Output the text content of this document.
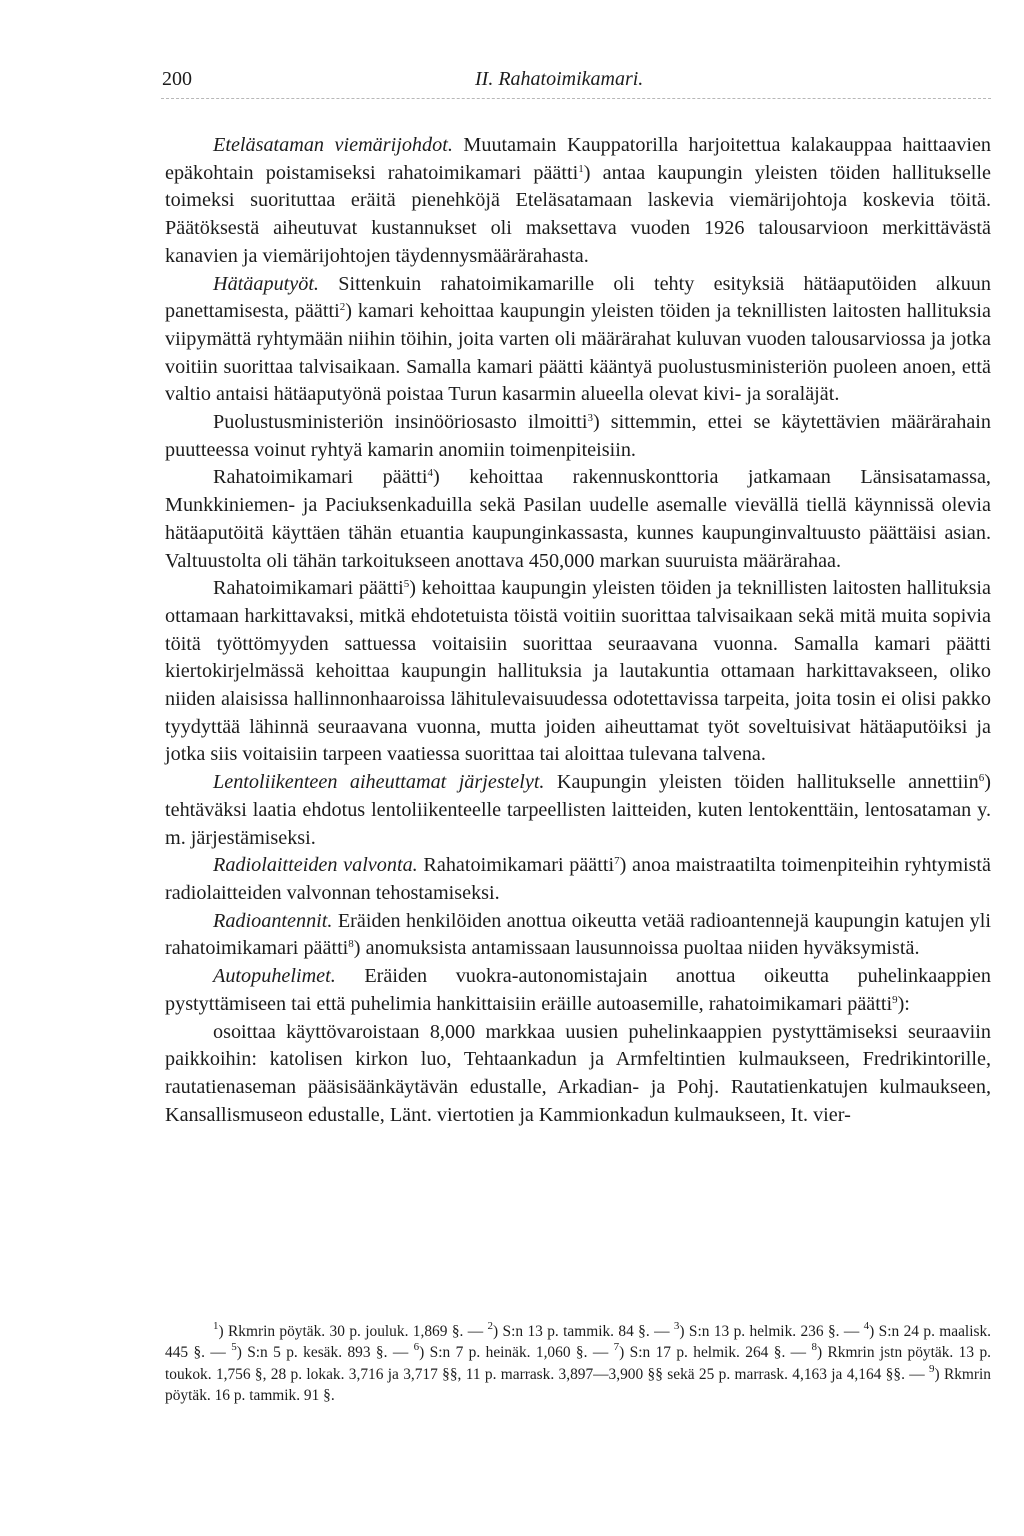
200	II. Rahatoimikamari.

Eteläsataman viemärijohdot. Muutamain Kauppatorilla harjoitettua kalakauppaa haittaavien epäkohtain poistamiseksi rahatoimikamari päätti$^1$) antaa kaupungin yleisten töiden hallitukselle toimeksi suorituttaa eräitä pienehköjä Eteläsatamaan laskevia viemärijohtoja koskevia töitä. Päätöksestä aiheutuvat kustannukset oli maksettava vuoden 1926 talousarvioon merkittävästä kanavien ja viemärijohtojen täydennysmäärärahasta.

Hätäaputyöt. Sittenkuin rahatoimikamarille oli tehty esityksiä hätäaputöiden alkuun panettamisesta, päätti$^2$) kamari kehoittaa kaupungin yleisten töiden ja teknillisten laitosten hallituksia viipymättä ryhtymään niihin töihin, joita varten oli määrärahat kuluvan vuoden talousarviossa ja jotka voitiin suorittaa talvisaikaan. Samalla kamari päätti kääntyä puolustusministeriön puoleen anoen, että valtio antaisi hätäaputyönä poistaa Turun kasarmin alueella olevat kivi- ja soraläjät.

Puolustusministeriön insinööriosasto ilmoitti$^3$) sittemmin, ettei se käytettävien määrärahain puutteessa voinut ryhtyä kamarin anomiin toimenpiteisiin.

Rahatoimikamari päätti$^4$) kehoittaa rakennuskonttoria jatkamaan Länsisatamassa, Munkkiniemen- ja Paciuksenkaduilla sekä Pasilan uudelle asemalle vievällä tiellä käynnissä olevia hätäaputöitä käyttäen tähän etuantia kaupunginkassasta, kunnes kaupunginvaltuusto päättäisi asian. Valtuustolta oli tähän tarkoitukseen anottava 450,000 markan suuruista määrärahaa.

Rahatoimikamari päätti$^5$) kehoittaa kaupungin yleisten töiden ja teknillisten laitosten hallituksia ottamaan harkittavaksi, mitkä ehdotetuista töistä voitiin suorittaa talvisaikaan sekä mitä muita sopivia töitä työttömyyden sattuessa voitaisiin suorittaa seuraavana vuonna. Samalla kamari päätti kiertokirjelmässä kehoittaa kaupungin hallituksia ja lautakuntia ottamaan harkittavakseen, oliko niiden alaisissa hallinnonhaaroissa lähitulevaisuudessa odotettavissa tarpeita, joita tosin ei olisi pakko tyydyttää lähinnä seuraavana vuonna, mutta joiden aiheuttamat työt soveltuisivat hätäaputöiksi ja jotka siis voitaisiin tarpeen vaatiessa suorittaa tai aloittaa tulevana talvena.

Lentoliikenteen aiheuttamat järjestelyt. Kaupungin yleisten töiden hallitukselle annettiin$^6$) tehtäväksi laatia ehdotus lentoliikenteelle tarpeellisten laitteiden, kuten lentokenttäin, lentosataman y. m. järjestämiseksi.

Radiolaitteiden valvonta. Rahatoimikamari päätti$^7$) anoa maistraatilta toimenpiteihin ryhtymistä radiolaitteiden valvonnan tehostamiseksi.

Radioantennit. Eräiden henkilöiden anottua oikeutta vetää radioantennejä kaupungin katujen yli rahatoimikamari päätti$^8$) anomuksista antamissaan lausunnoissa puoltaa niiden hyväksymistä.

Autopuhelimet. Eräiden vuokra-autonomistajain anottua oikeutta puhelinkaappien pystyttämiseen tai että puhelimia hankittaisiin eräille autoasemille, rahatoimikamari päätti$^9$):

osoittaa käyttövaroistaan 8,000 markkaa uusien puhelinkaappien pystyttämiseksi seuraaviin paikkoihin: katolisen kirkon luo, Tehtaankadun ja Armfeltintien kulmaukseen, Fredrikintorille, rautatienaseman pääsisäänkäytävän edustalle, Arkadian- ja Pohj. Rautatienkatujen kulmaukseen, Kansallismuseon edustalle, Länt. viertotien ja Kammionkadun kulmaukseen, It. vier-

$^1$) Rkmrin pöytäk. 30 p. jouluk. 1,869 §. — $^2$) S:n 13 p. tammik. 84 §. — $^3$) S:n 13 p. helmik. 236 §. — $^4$) S:n 24 p. maalisk. 445 §. — $^5$) S:n 5 p. kesäk. 893 §. — $^6$) S:n 7 p. heinäk. 1,060 §. — $^7$) S:n 17 p. helmik. 264 §. — $^8$) Rkmrin jstn pöytäk. 13 p. toukok. 1,756 §, 28 p. lokak. 3,716 ja 3,717 §§, 11 p. marrask. 3,897—3,900 §§ sekä 25 p. marrask. 4,163 ja 4,164 §§. — $^9$) Rkmrin pöytäk. 16 p. tammik. 91 §.
